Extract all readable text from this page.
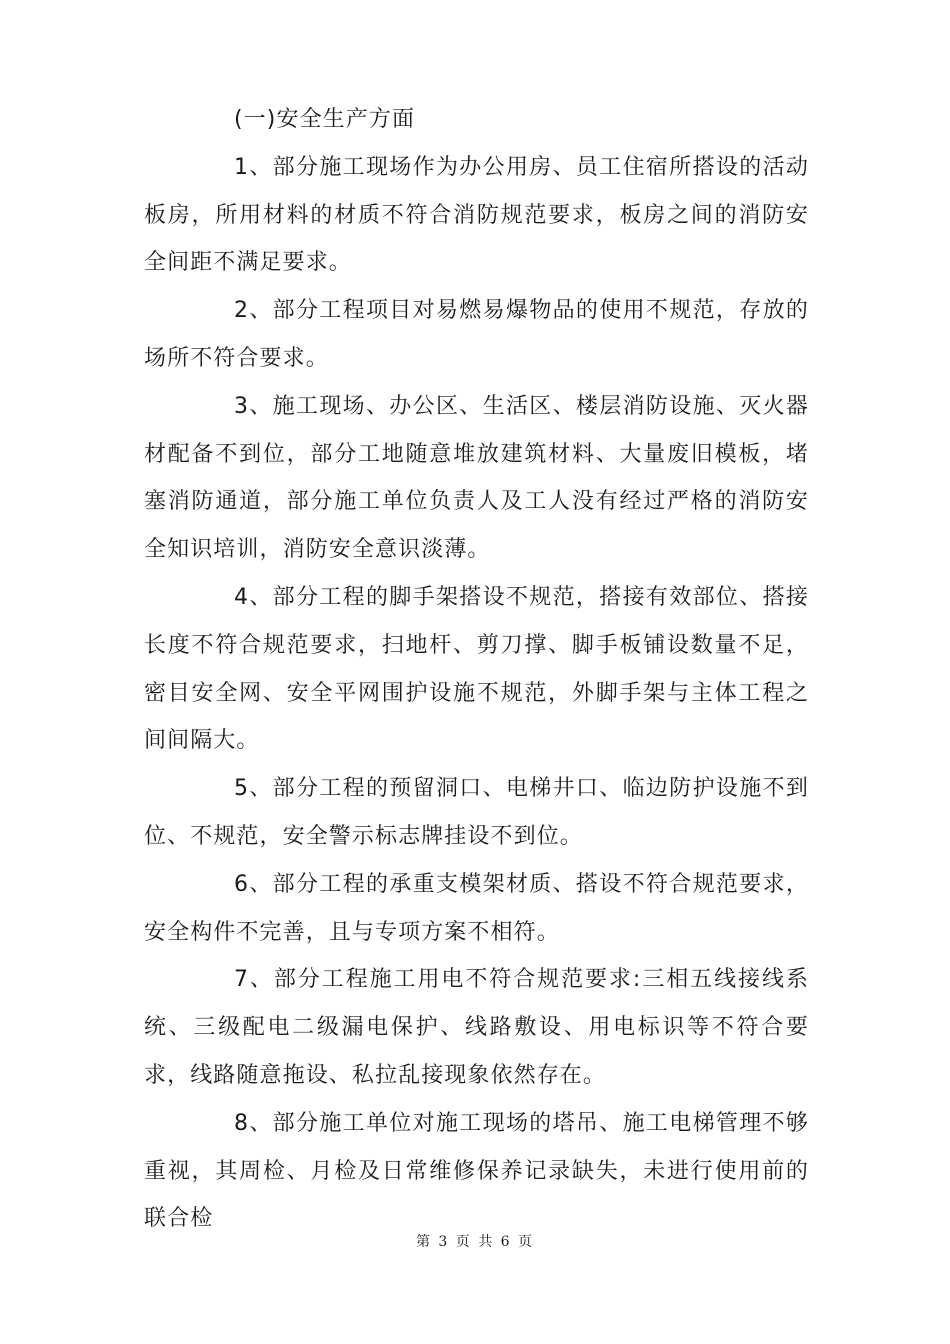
(一)安全生产方面

1、部分施工现场作为办公用房、员工住宿所搭设的活动板房，所用材料的材质不符合消防规范要求，板房之间的消防安全间距不满足要求。

2、部分工程项目对易燃易爆物品的使用不规范，存放的场所不符合要求。

3、施工现场、办公区、生活区、楼层消防设施、灭火器材配备不到位，部分工地随意堆放建筑材料、大量废旧模板，堵塞消防通道，部分施工单位负责人及工人没有经过严格的消防安全知识培训，消防安全意识淡薄。

4、部分工程的脚手架搭设不规范，搭接有效部位、搭接长度不符合规范要求，扫地杆、剪刀撑、脚手板铺设数量不足，密目安全网、安全平网围护设施不规范，外脚手架与主体工程之间间隔大。

5、部分工程的预留洞口、电梯井口、临边防护设施不到位、不规范，安全警示标志牌挂设不到位。

6、部分工程的承重支模架材质、搭设不符合规范要求，安全构件不完善，且与专项方案不相符。

7、部分工程施工用电不符合规范要求:三相五线接线系统、三级配电二级漏电保护、线路敷设、用电标识等不符合要求，线路随意拖设、私拉乱接现象依然存在。

8、部分施工单位对施工现场的塔吊、施工电梯管理不够重视，其周检、月检及日常维修保养记录缺失，未进行使用前的联合检

第 3 页 共 6 页
